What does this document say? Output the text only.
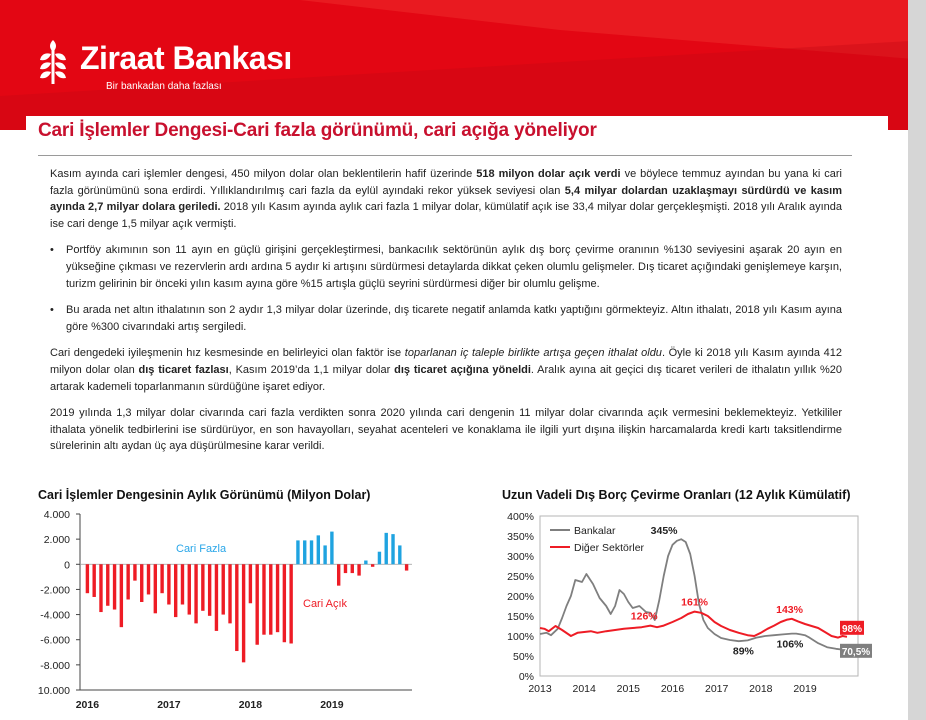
Ziraat Bankası
Bir bankadan daha fazlası
Cari İşlemler Dengesi-Cari fazla görünümü, cari açığa yöneliyor

Kasım ayında cari işlemler dengesi, 450 milyon dolar olan beklentilerin hafif üzerinde 518 milyon dolar açık verdi ve böylece temmuz ayından bu yana ki cari fazla görünümünü sona erdirdi. Yıllıklandırılmış cari fazla da eylül ayındaki rekor yüksek seviyesi olan 5,4 milyar dolardan uzaklaşmayı sürdürdü ve kasım ayında 2,7 milyar dolara geriledi. 2018 yılı Kasım ayında aylık cari fazla 1 milyar dolar, kümülatif açık ise 33,4 milyar dolar gerçekleşmişti. 2018 yılı Aralık ayında ise cari denge 1,5 milyar açık vermişti.

• Portföy akımının son 11 ayın en güçlü girişini gerçekleştirmesi, bankacılık sektörünün aylık dış borç çevirme oranının %130 seviyesini aşarak 20 ayın en yükseğine çıkması ve rezervlerin ardı ardına 5 aydır ki artışını sürdürmesi detaylarda dikkat çeken olumlu gelişmeler. Dış ticaret açığındaki genişlemeye karşın, turizm gelirinin bir önceki yılın kasım ayına göre %15 artışla güçlü seyrini sürdürmesi diğer bir olumlu gelişme.
• Bu arada net altın ithalatının son 2 aydır 1,3 milyar dolar üzerinde, dış ticarete negatif anlamda katkı yaptığını görmekteyiz. Altın ithalatı, 2018 yılı Kasım ayına göre %300 civarındaki artış sergiledi.

Cari dengedeki iyileşmenin hız kesmesinde en belirleyici olan faktör ise toparlanan iç taleple birlikte artışa geçen ithalat oldu. Öyle ki 2018 yılı Kasım ayında 412 milyon dolar olan dış ticaret fazlası, Kasım 2019’da 1,1 milyar dolar dış ticaret açığına yöneldi. Aralık ayına ait geçici dış ticaret verileri de ithalatın yıllık %20 artarak kademeli toparlanmanın sürdüğüne işaret ediyor.

2019 yılında 1,3 milyar dolar civarında cari fazla verdikten sonra 2020 yılında cari dengenin 11 milyar dolar civarında açık vermesini beklemekteyiz. Yetkililer ithalata yönelik tedbirlerini ise sürdürüyor, en son havayolları, seyahat acenteleri ve konaklama ile ilgili yurt dışına ilişkin harcamalarda kredi kartı taksitlendirme sürelerinin altı aydan üç aya düşürülmesine karar verildi.

Cari İşlemler Dengesinin Aylık Görünümü (Milyon Dolar)
4.000
2.000
0
-2.000
-4.000
-6.000
-8.000
10.000
2016	2017	2018	2019
Cari Fazla
Cari Açık
Uzun Vadeli Dış Borç Çevirme Oranları (12 Aylık Kümülatif)
0%
50%
100%
150%
200%
250%
300%
350%
400%
2013 2014 2015 2016 2017 2018 2019
Bankalar
Diğer Sektörler
345%
126%
161%
143%
89%
106%
98%
70,5%
